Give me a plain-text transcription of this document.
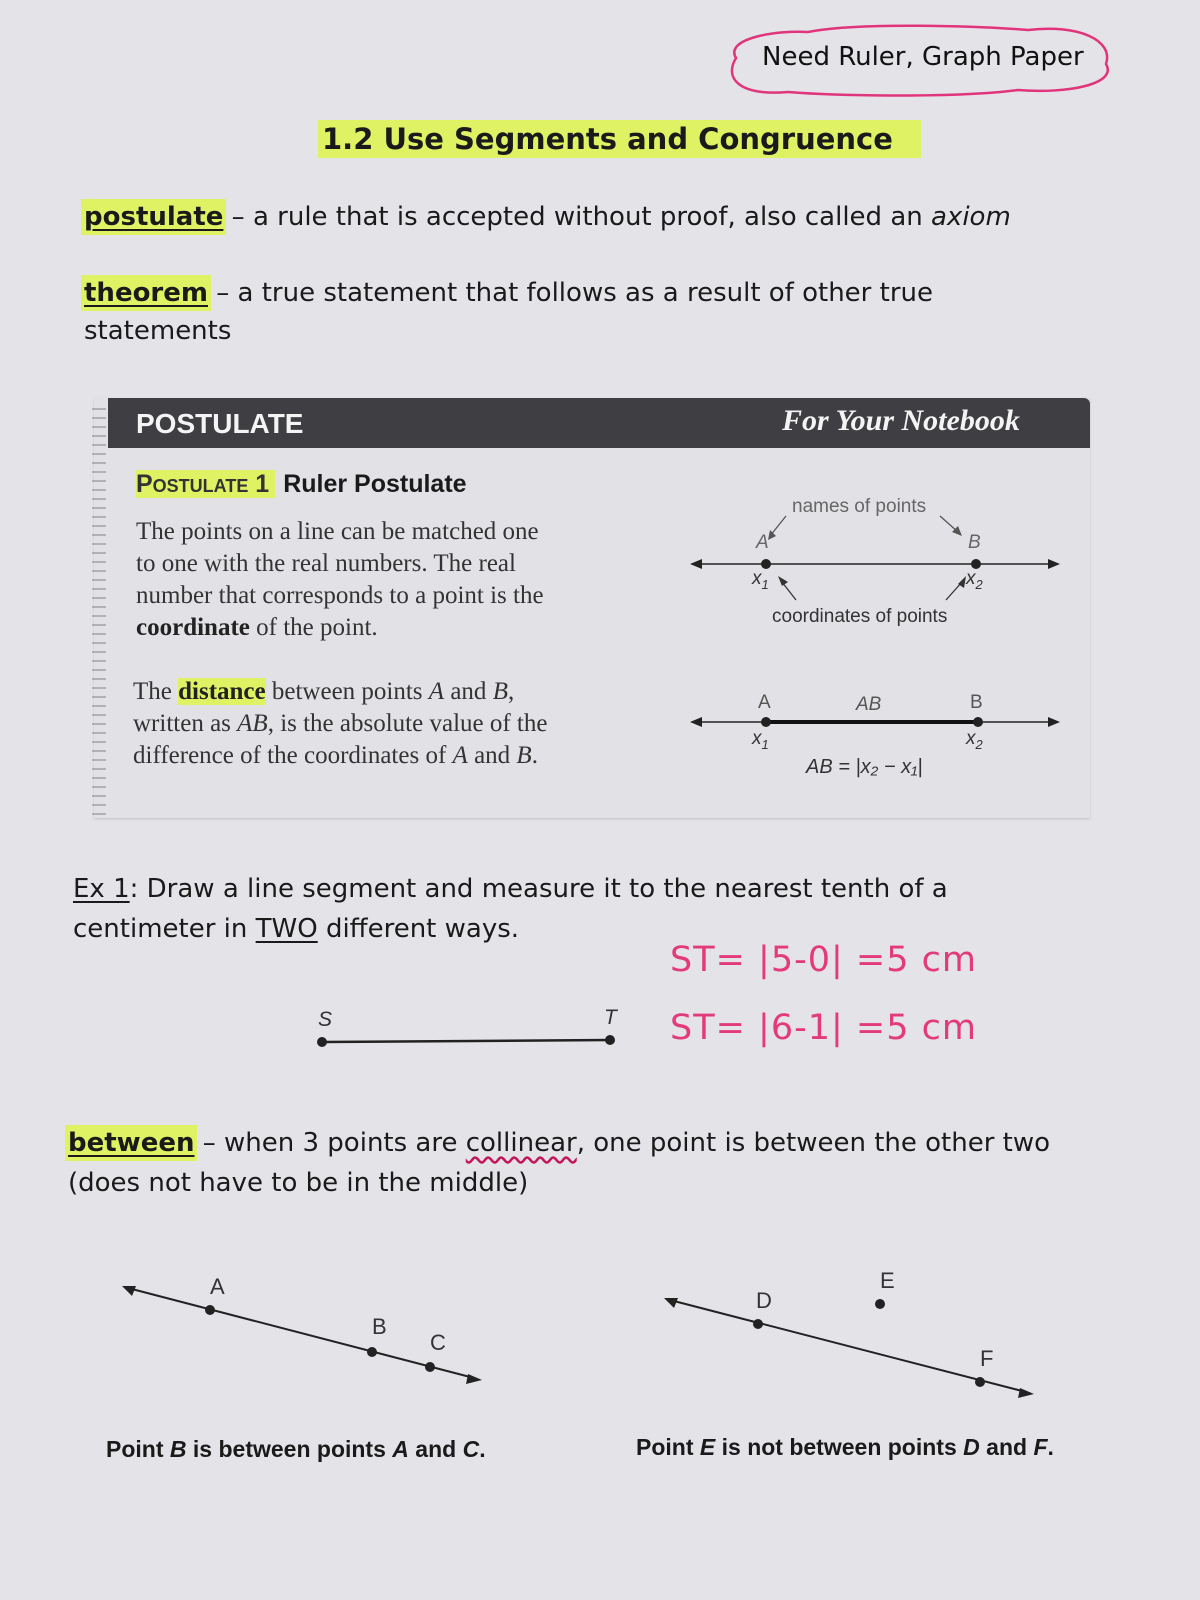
Need Ruler, Graph Paper
1.2 Use Segments and Congruence
postulate – a rule that is accepted without proof, also called an axiom
theorem – a true statement that follows as a result of other true
statements
POSTULATE	For Your Notebook
Postulate 1 Ruler Postulate
The points on a line can be matched one
to one with the real numbers. The real
number that corresponds to a point is the
coordinate of the point.
The distance between points A and B,
written as AB, is the absolute value of the
difference of the coordinates of A and B.
names of points
A	B
$x_1$	$x_2$
coordinates of points
A	AB	B
$x_1$	$x_2$
AB = |x₂ − x₁|
Ex 1: Draw a line segment and measure it to the nearest tenth of a
centimeter in TWO different ways.
S	T
ST= |5-0| =5 cm
ST= |6-1| =5 cm
between – when 3 points are collinear, one point is between the other two
(does not have to be in the middle)
A
B
C
D
E
F
Point B is between points A and C.	Point E is not between points D and F.
